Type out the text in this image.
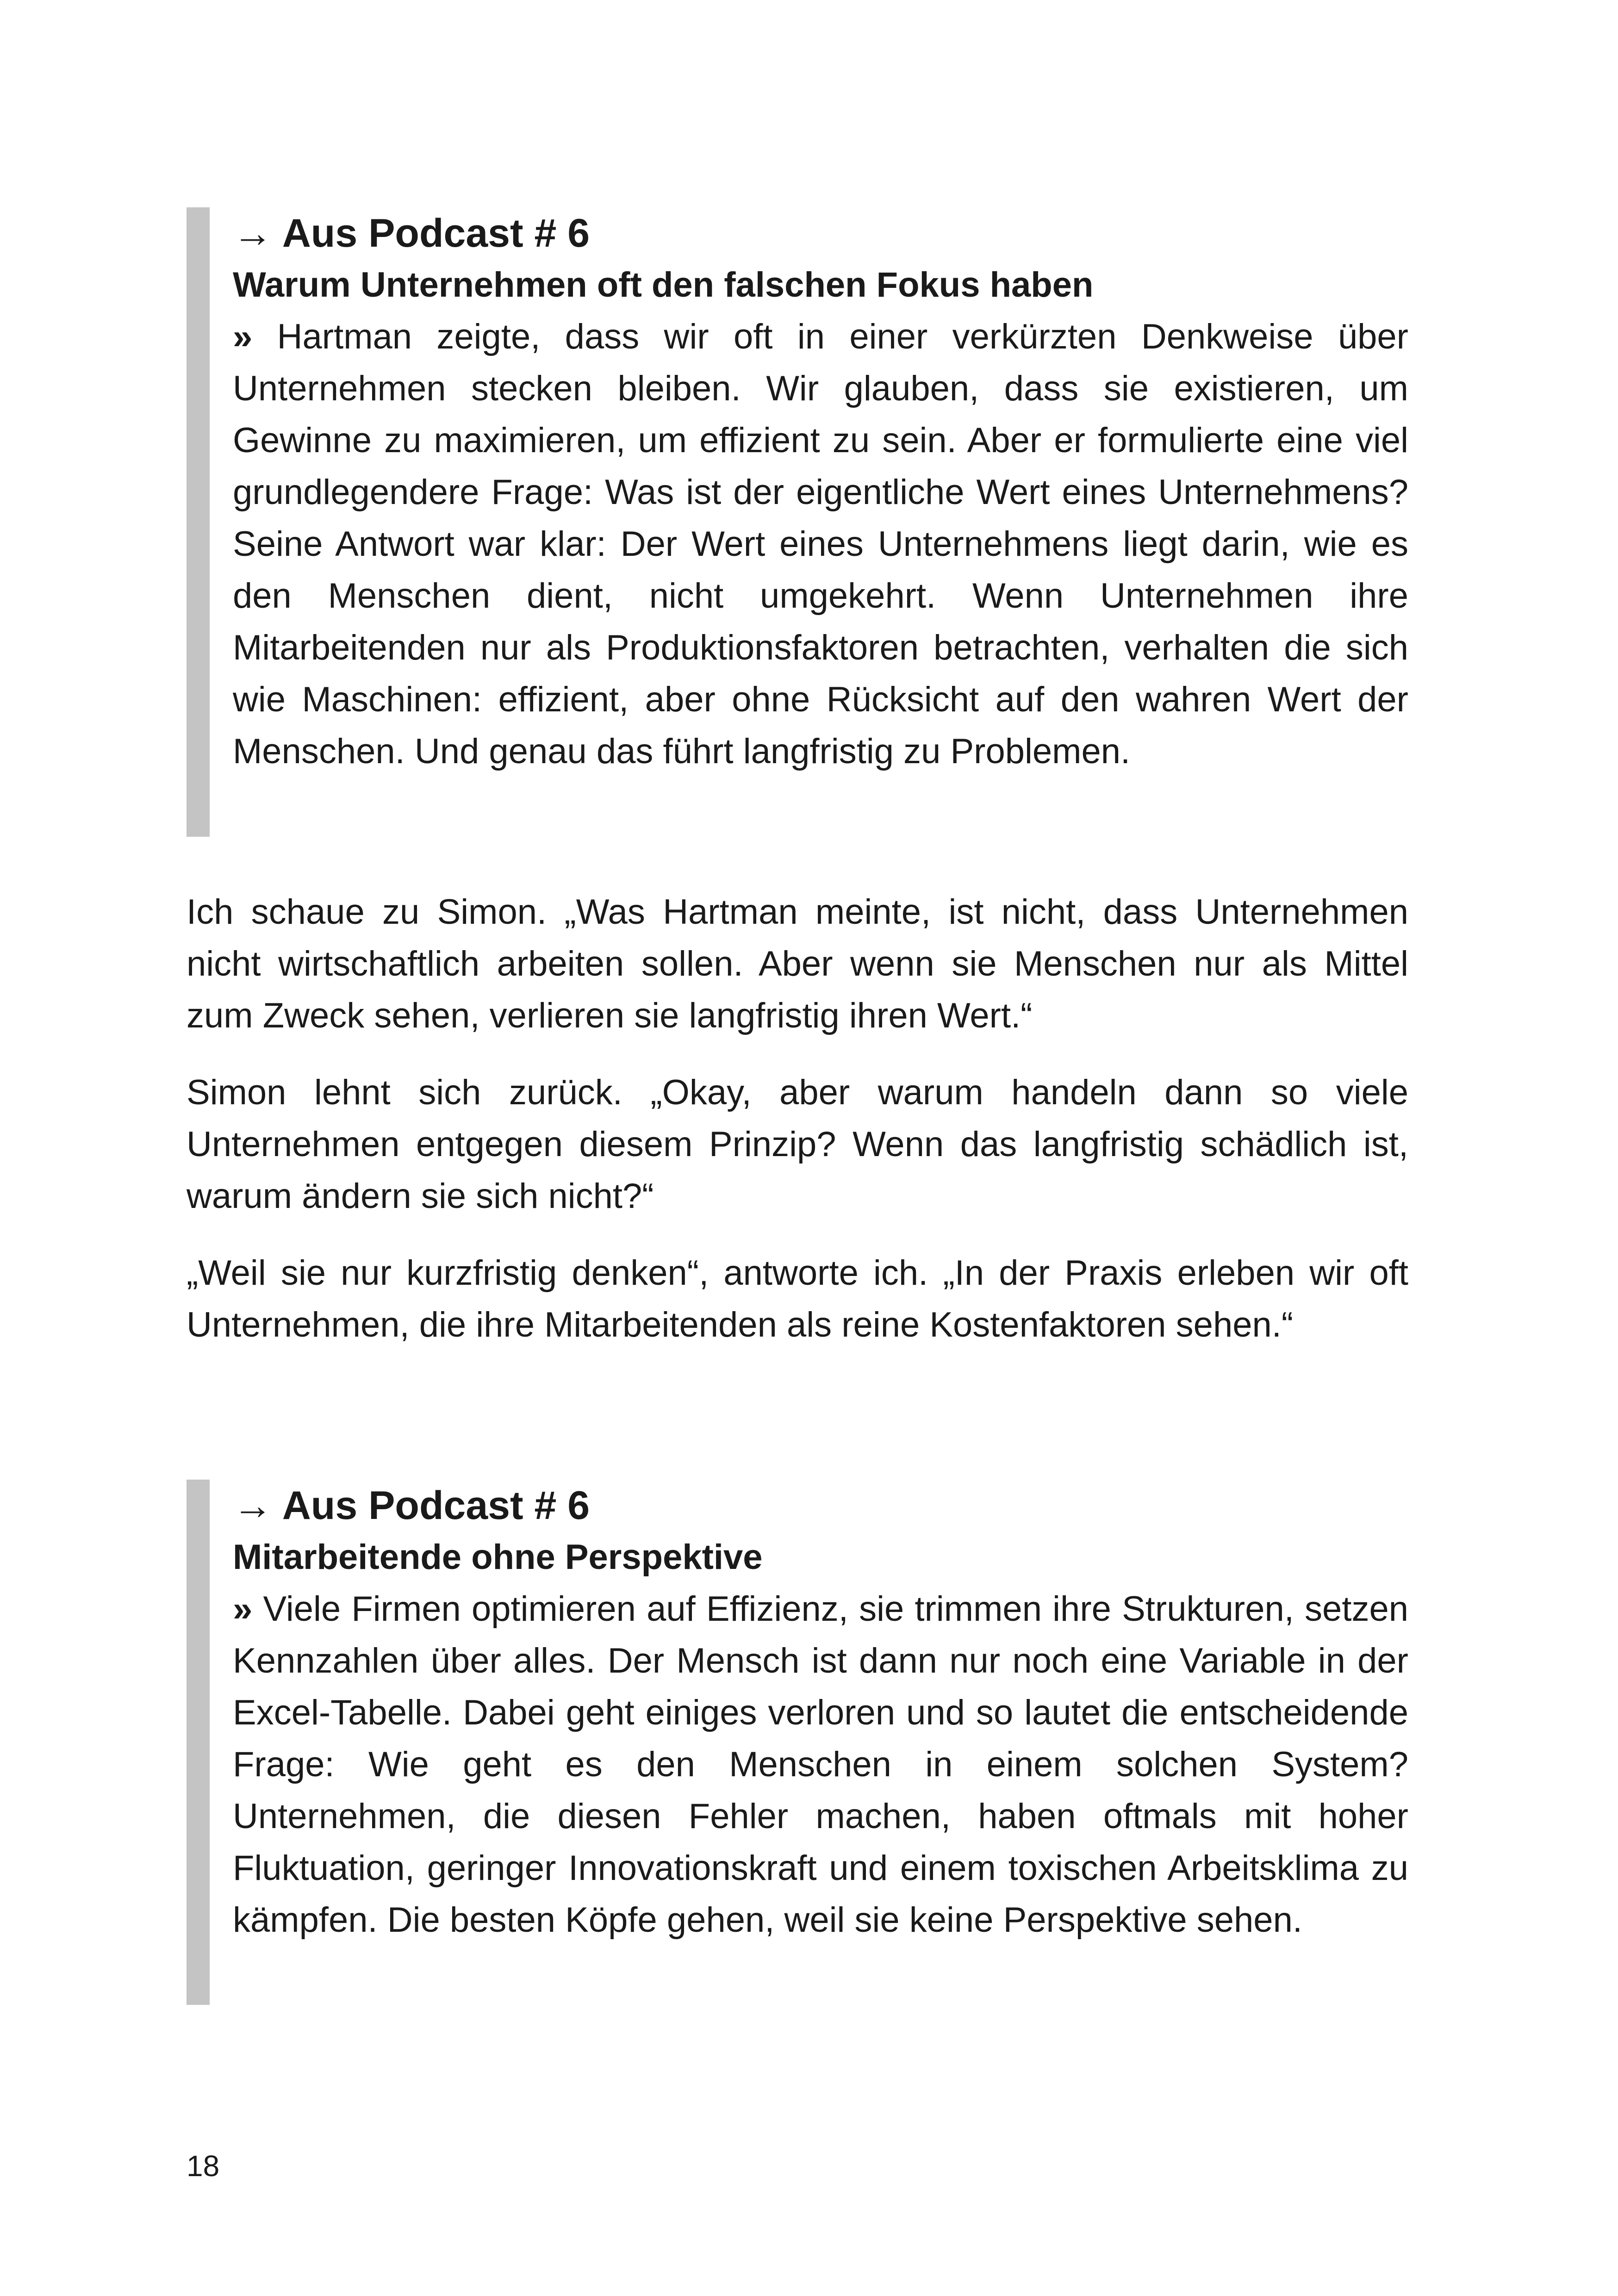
→ Aus Podcast # 6

Warum Unternehmen oft den falschen Fokus haben

» Hartman zeigte, dass wir oft in einer verkürzten Denkweise über Unternehmen stecken bleiben. Wir glauben, dass sie existieren, um Gewinne zu maximieren, um effizient zu sein. Aber er formulierte eine viel grundlegendere Frage: Was ist der eigentliche Wert eines Unternehmens? Seine Antwort war klar: Der Wert eines Unternehmens liegt darin, wie es den Menschen dient, nicht umgekehrt. Wenn Unternehmen ihre Mitarbeitenden nur als Produktionsfaktoren betrachten, verhalten die sich wie Maschinen: effizient, aber ohne Rücksicht auf den wahren Wert der Menschen. Und genau das führt langfristig zu Problemen.

Ich schaue zu Simon. „Was Hartman meinte, ist nicht, dass Unternehmen nicht wirtschaftlich arbeiten sollen. Aber wenn sie Menschen nur als Mittel zum Zweck sehen, verlieren sie langfristig ihren Wert.“

Simon lehnt sich zurück. „Okay, aber warum handeln dann so viele Unternehmen entgegen diesem Prinzip? Wenn das langfristig schädlich ist, warum ändern sie sich nicht?“

„Weil sie nur kurzfristig denken“, antworte ich. „In der Praxis erleben wir oft Unternehmen, die ihre Mitarbeitenden als reine Kostenfaktoren sehen.“

→ Aus Podcast # 6

Mitarbeitende ohne Perspektive

» Viele Firmen optimieren auf Effizienz, sie trimmen ihre Strukturen, setzen Kennzahlen über alles. Der Mensch ist dann nur noch eine Variable in der Excel-Tabelle. Dabei geht einiges verloren und so lautet die entscheidende Frage: Wie geht es den Menschen in einem solchen System? Unternehmen, die diesen Fehler machen, haben oftmals mit hoher Fluktuation, geringer Innovationskraft und einem toxischen Arbeitsklima zu kämpfen. Die besten Köpfe gehen, weil sie keine Perspektive sehen.

18
